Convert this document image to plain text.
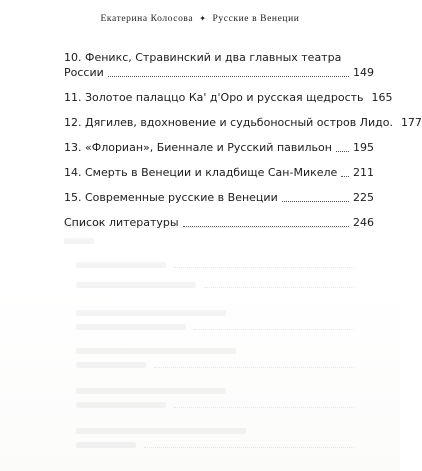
Екатерина Колосова ✦ Русские в Венеции
10. Феникс, Стравинский и два главных театра
России	149
11. Золотое палаццо Ка' д'Оро и русская щедрость 165
12. Дягилев, вдохновение и судьбоносный остров Лидо. 177
13. «Флориан», Биеннале и Русский павильон 195
14. Смерть в Венеции и кладбище Сан-Микеле 211
15. Современные русские в Венеции	225
Список литературы	246
